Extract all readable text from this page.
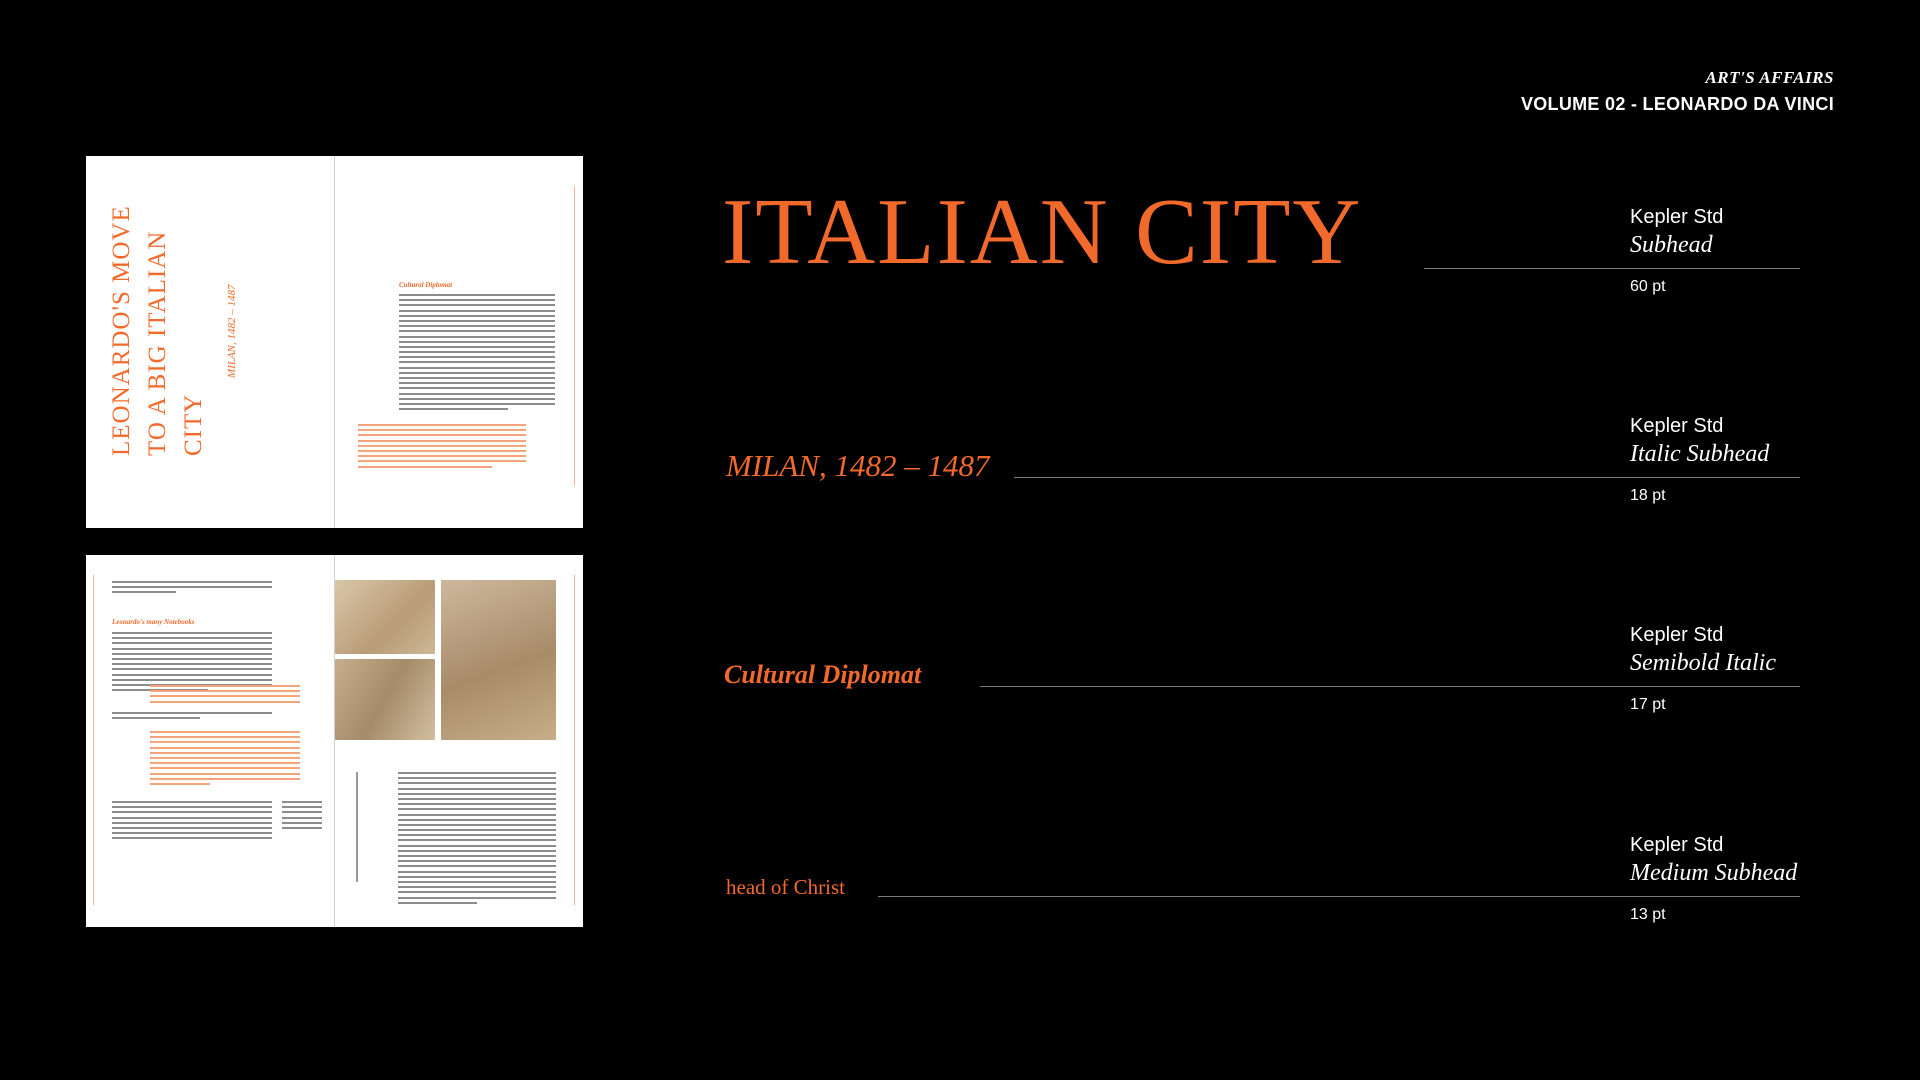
ART'S AFFAIRS
VOLUME 02 - LEONARDO DA VINCI
LEONARDO'S MOVE TO A BIG ITALIAN CITY
MILAN, 1482 – 1487	Cultural Diplomat
Leonardo's many Notebooks
ITALIAN CITY
MILAN, 1482 – 1487
Cultural Diplomat
head of Christ
Kepler Std
Subhead
60 pt
Kepler Std
Italic Subhead
18 pt
Kepler Std
Semibold Italic
17 pt
Kepler Std
Medium Subhead
13 pt
